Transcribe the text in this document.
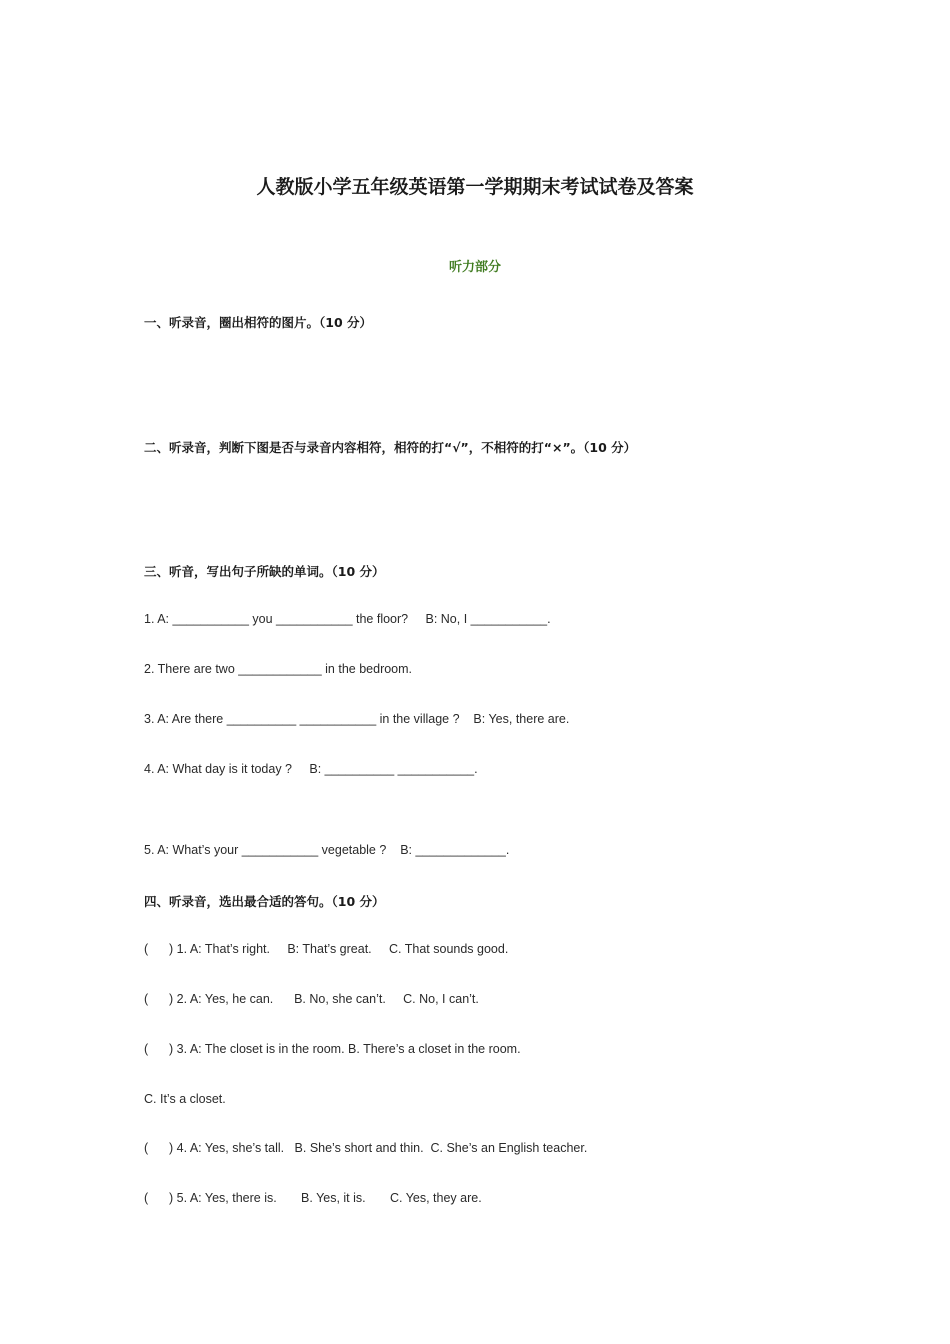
人教版小学五年级英语第一学期期末考试试卷及答案
听力部分
一、听录音，圈出相符的图片。（10 分）
二、听录音，判断下图是否与录音内容相符，相符的打“√”，不相符的打“×”。（10 分）
三、听音，写出句子所缺的单词。（10 分）
1. A: ___________ you ___________ the floor?     B: No, I ___________.
2. There are two ____________ in the bedroom.
3. A: Are there __________ ___________ in the village ?    B: Yes, there are.
4. A: What day is it today ?     B: __________ ___________.
5. A: What’s your ___________ vegetable ?    B: _____________.
四、听录音，选出最合适的答句。（10 分）
(      ) 1. A: That’s right.     B: That’s great.     C. That sounds good.
(      ) 2. A: Yes, he can.      B. No, she can’t.     C. No, I can’t.
(      ) 3. A: The closet is in the room. B. There’s a closet in the room.
C. It’s a closet.
(      ) 4. A: Yes, she’s tall.   B. She’s short and thin.  C. She’s an English teacher.
(      ) 5. A: Yes, there is.       B. Yes, it is.       C. Yes, they are.
